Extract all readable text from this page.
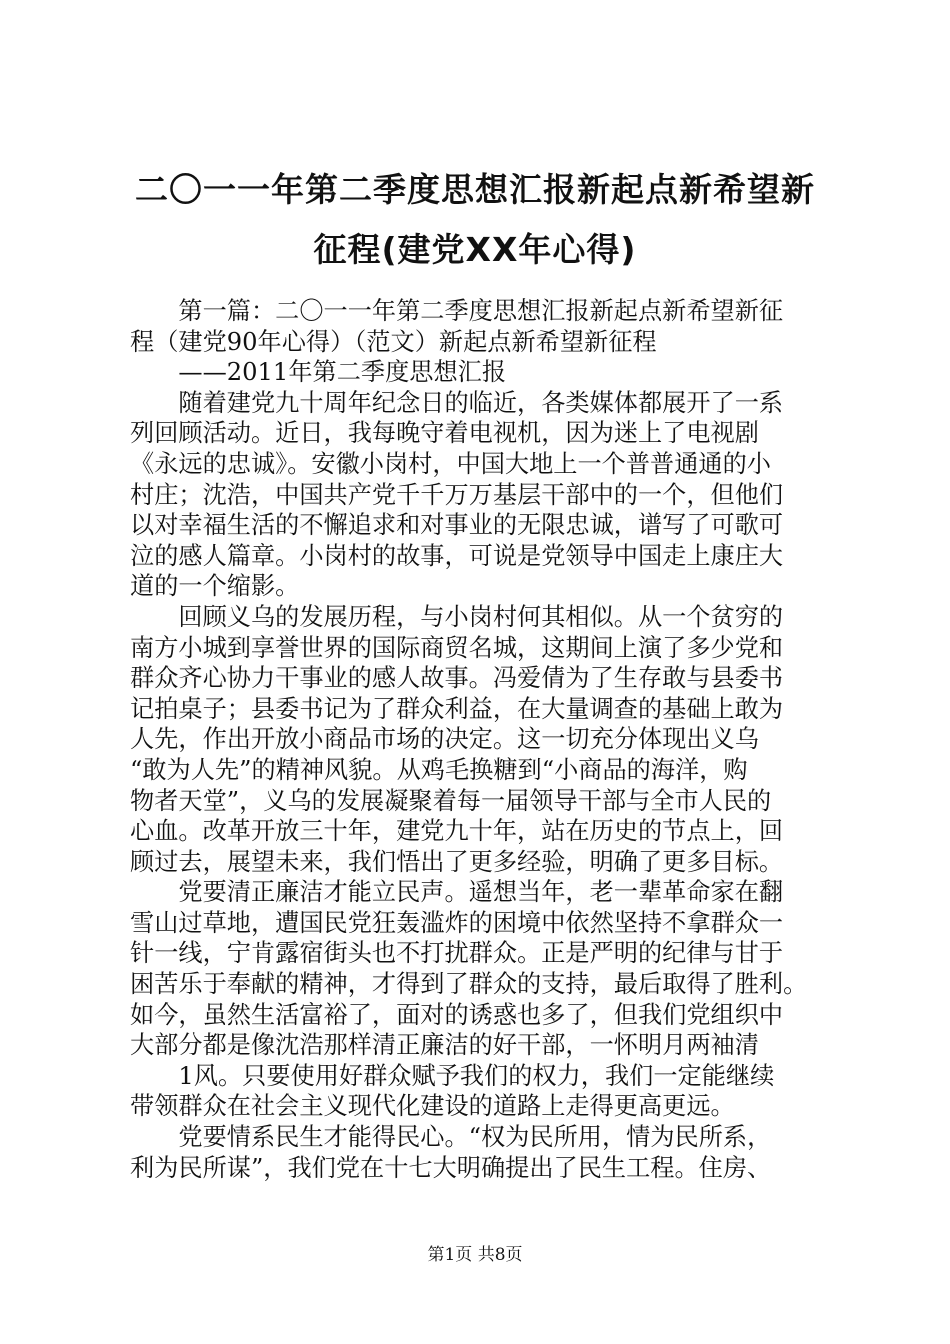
二〇一一年第二季度思想汇报新起点新希望新
征程(建党XX年心得)

第一篇：二〇一一年第二季度思想汇报新起点新希望新征
程（建党90年心得）（范文）新起点新希望新征程

——2011年第二季度思想汇报

随着建党九十周年纪念日的临近，各类媒体都展开了一系
列回顾活动。近日，我每晚守着电视机，因为迷上了电视剧
《永远的忠诚》。安徽小岗村，中国大地上一个普普通通的小
村庄；沈浩，中国共产党千千万万基层干部中的一个，但他们
以对幸福生活的不懈追求和对事业的无限忠诚，谱写了可歌可
泣的感人篇章。小岗村的故事，可说是党领导中国走上康庄大
道的一个缩影。

回顾义乌的发展历程，与小岗村何其相似。从一个贫穷的
南方小城到享誉世界的国际商贸名城，这期间上演了多少党和
群众齐心协力干事业的感人故事。冯爱倩为了生存敢与县委书
记拍桌子；县委书记为了群众利益，在大量调查的基础上敢为
人先，作出开放小商品市场的决定。这一切充分体现出义乌
“敢为人先”的精神风貌。从鸡毛换糖到“小商品的海洋，购
物者天堂”，义乌的发展凝聚着每一届领导干部与全市人民的
心血。改革开放三十年，建党九十年，站在历史的节点上，回
顾过去，展望未来，我们悟出了更多经验，明确了更多目标。

党要清正廉洁才能立民声。遥想当年，老一辈革命家在翻
雪山过草地，遭国民党狂轰滥炸的困境中依然坚持不拿群众一
针一线，宁肯露宿街头也不打扰群众。正是严明的纪律与甘于
困苦乐于奉献的精神，才得到了群众的支持，最后取得了胜利。
如今，虽然生活富裕了，面对的诱惑也多了，但我们党组织中
大部分都是像沈浩那样清正廉洁的好干部，一怀明月两袖清

1风。只要使用好群众赋予我们的权力，我们一定能继续
带领群众在社会主义现代化建设的道路上走得更高更远。

党要情系民生才能得民心。“权为民所用，情为民所系，
利为民所谋”，我们党在十七大明确提出了民生工程。住房、

第1页 共8页
